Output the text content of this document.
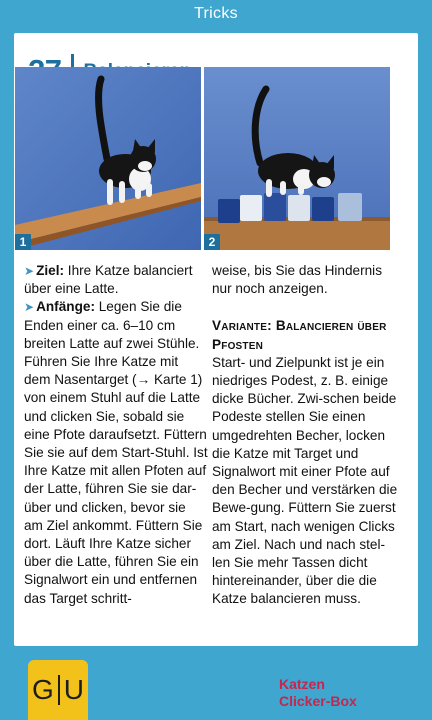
Tricks
1	2

➤ Ziel: Ihre Katze balanciert über eine Latte.

➤ Anfänge: Legen Sie die Enden einer ca. 6–10 cm breiten Latte auf zwei Stühle. Führen Sie Ihre Katze mit dem Nasentarget (→ Karte 1) von einem Stuhl auf die Latte und clicken Sie, sobald sie eine Pfote daraufsetzt. Füttern Sie sie auf dem Start-Stuhl. Ist Ihre Katze mit allen Pfoten auf der Latte, führen Sie sie dar-über und clicken, bevor sie am Ziel ankommt. Füttern Sie dort. Läuft Ihre Katze sicher über die Latte, führen Sie ein Signalwort ein und entfernen das Target schritt-

weise, bis Sie das Hindernis nur noch anzeigen.

Variante: Balancieren über Pfosten

Start- und Zielpunkt ist je ein niedriges Podest, z. B. einige dicke Bücher. Zwi-schen beide Podeste stellen Sie einen umgedrehten Becher, locken die Katze mit Target und Signalwort mit einer Pfote auf den Becher und verstärken die Bewe-gung. Füttern Sie zuerst am Start, nach wenigen Clicks am Ziel. Nach und nach stel-len Sie mehr Tassen dicht hintereinander, über die die Katze balancieren muss.

G U	Katzen
Clicker-Box
